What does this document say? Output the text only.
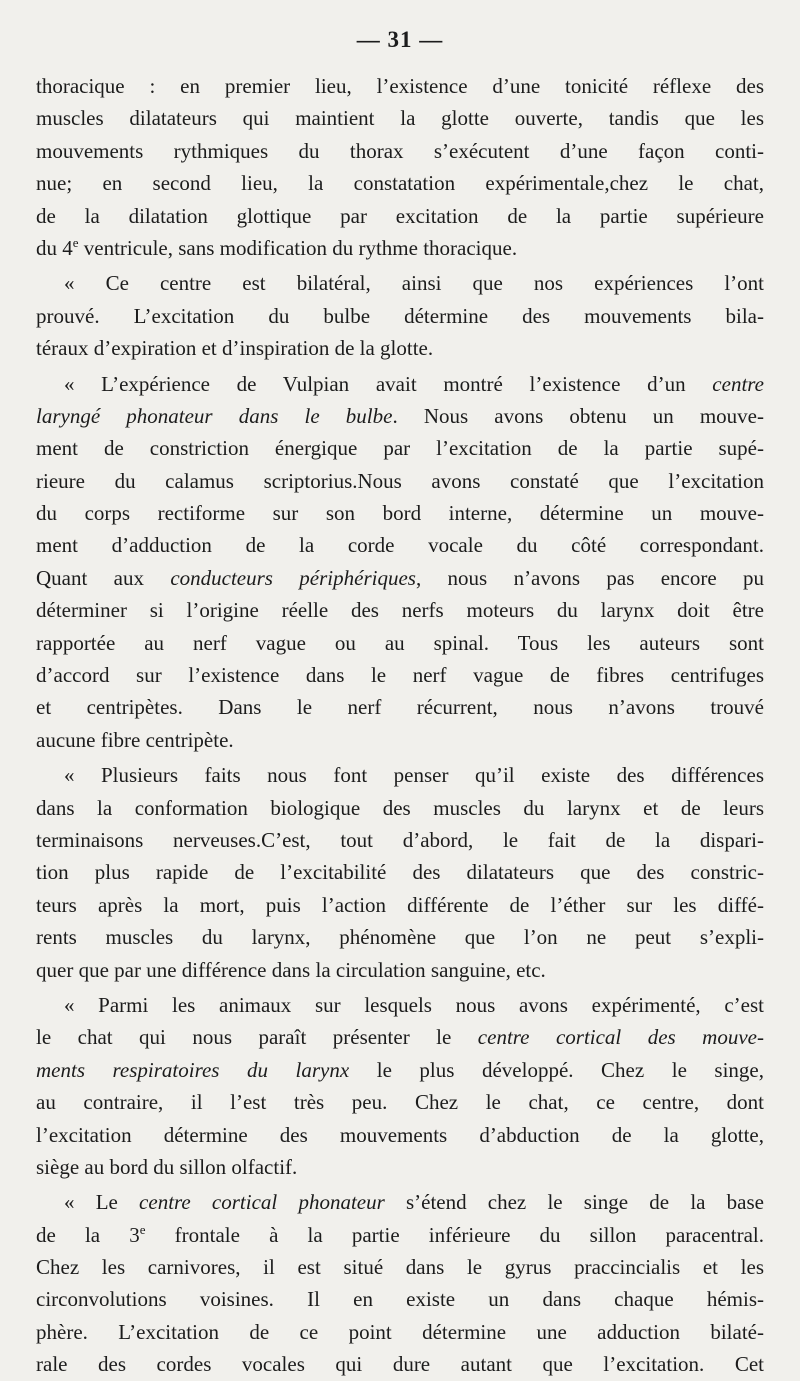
— 31 —
thoracique : en premier lieu, l’existence d’une tonicité réflexe des
muscles dilatateurs qui maintient la glotte ouverte, tandis que les
mouvements rythmiques du thorax s’exécutent d’une façon conti-
nue; en second lieu, la constatation expérimentale,chez le chat,
de la dilatation glottique par excitation de la partie supérieure
du 4e ventricule, sans modification du rythme thoracique.
« Ce centre est bilatéral, ainsi que nos expériences l’ont
prouvé. L’excitation du bulbe détermine des mouvements bila-
téraux d’expiration et d’inspiration de la glotte.
« L’expérience de Vulpian avait montré l’existence d’un centre
laryngé phonateur dans le bulbe. Nous avons obtenu un mouve-
ment de constriction énergique par l’excitation de la partie supé-
rieure du calamus scriptorius.Nous avons constaté que l’excitation
du corps rectiforme sur son bord interne, détermine un mouve-
ment d’adduction de la corde vocale du côté correspondant.
Quant aux conducteurs périphériques, nous n’avons pas encore pu
déterminer si l’origine réelle des nerfs moteurs du larynx doit être
rapportée au nerf vague ou au spinal. Tous les auteurs sont
d’accord sur l’existence dans le nerf vague de fibres centrifuges
et centripètes. Dans le nerf récurrent, nous n’avons trouvé
aucune fibre centripète.
« Plusieurs faits nous font penser qu’il existe des différences
dans la conformation biologique des muscles du larynx et de leurs
terminaisons nerveuses.C’est, tout d’abord, le fait de la dispari-
tion plus rapide de l’excitabilité des dilatateurs que des constric-
teurs après la mort, puis l’action différente de l’éther sur les diffé-
rents muscles du larynx, phénomène que l’on ne peut s’expli-
quer que par une différence dans la circulation sanguine, etc.
« Parmi les animaux sur lesquels nous avons expérimenté, c’est
le chat qui nous paraît présenter le centre cortical des mouve-
ments respiratoires du larynx le plus développé. Chez le singe,
au contraire, il l’est très peu. Chez le chat, ce centre, dont
l’excitation détermine des mouvements d’abduction de la glotte,
siège au bord du sillon olfactif.
« Le centre cortical phonateur s’étend chez le singe de la base
de la 3e frontale à la partie inférieure du sillon paracentral.
Chez les carnivores, il est situé dans le gyrus praccincialis et les
circonvolutions voisines. Il en existe un dans chaque hémis-
phère. L’excitation de ce point détermine une adduction bilaté-
rale des cordes vocales qui dure autant que l’excitation. Cet
